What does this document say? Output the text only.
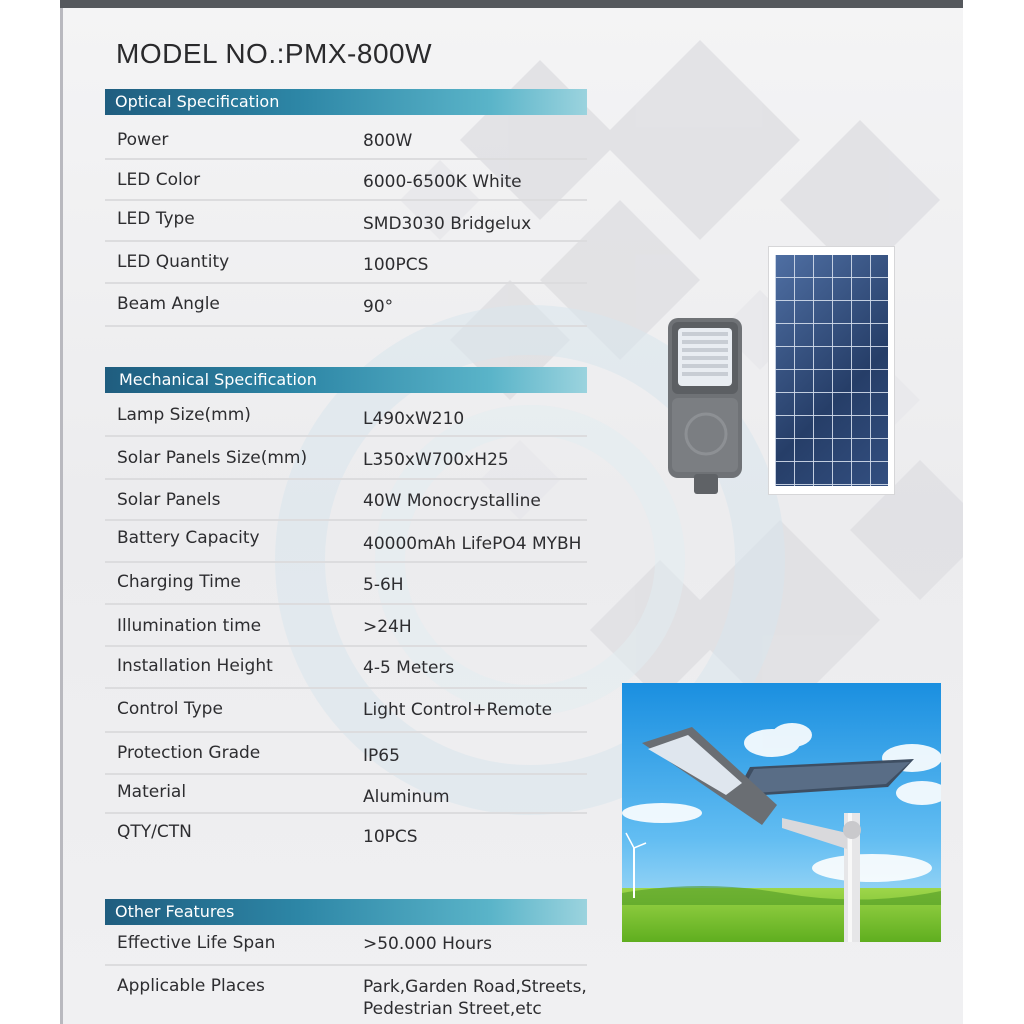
MODEL NO.:PMX-800W
Optical Specification
Power	800W
LED Color	6000-6500K White
LED Type	SMD3030 Bridgelux
LED Quantity	100PCS
Beam Angle	90°
Mechanical Specification
Lamp Size(mm)	L490xW210
Solar Panels Size(mm)	L350xW700xH25
Solar Panels	40W Monocrystalline
Battery Capacity	40000mAh LifePO4 MYBH
Charging Time	5-6H
Illumination time	>24H
Installation Height	4-5 Meters
Control Type	Light Control+Remote
Protection Grade	IP65
Material	Aluminum
QTY/CTN	10PCS
Other Features
Effective Life Span	>50.000 Hours
Applicable Places	Park,Garden Road,Streets,
Pedestrian Street,etc
